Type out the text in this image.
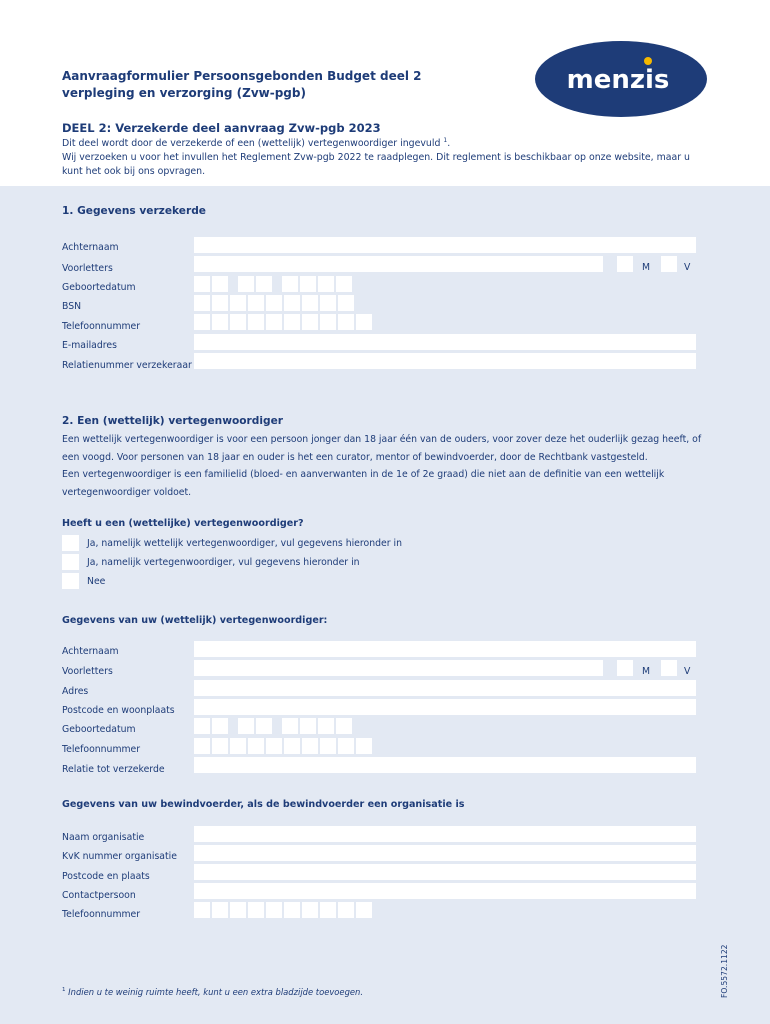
Aanvraagformulier Persoonsgebonden Budget deel 2
verpleging en verzorging (Zvw-pgb)	menzis
DEEL 2: Verzekerde deel aanvraag Zvw-pgb 2023
Dit deel wordt door de verzekerde of een (wettelijk) vertegenwoordiger ingevuld $^1$.
Wij verzoeken u voor het invullen het Reglement Zvw-pgb 2022 te raadplegen. Dit reglement is beschikbaar op onze website, maar u kunt het ook bij ons opvragen.
1. Gegevens verzekerde
Achternaam
Voorletters	M	V
Geboortedatum
BSN
Telefoonnummer
E-mailadres
Relatienummer verzekeraar
2. Een (wettelijk) vertegenwoordiger
Een wettelijk vertegenwoordiger is voor een persoon jonger dan 18 jaar één van de ouders, voor zover deze het ouderlijk gezag heeft, of een voogd. Voor personen van 18 jaar en ouder is het een curator, mentor of bewindvoerder, door de Rechtbank vastgesteld.
Een vertegenwoordiger is een familielid (bloed- en aanverwanten in de 1e of 2e graad) die niet aan de definitie van een wettelijk vertegenwoordiger voldoet.
Heeft u een (wettelijke) vertegenwoordiger?
Ja, namelijk wettelijk vertegenwoordiger, vul gegevens hieronder in
Ja, namelijk vertegenwoordiger, vul gegevens hieronder in
Nee
Gegevens van uw (wettelijk) vertegenwoordiger:
Achternaam
Voorletters	M	V
Adres
Postcode en woonplaats
Geboortedatum
Telefoonnummer
Relatie tot verzekerde
Gegevens van uw bewindvoerder, als de bewindvoerder een organisatie is
Naam organisatie
KvK nummer organisatie
Postcode en plaats
Contactpersoon
Telefoonnummer
$^1$ Indien u te weinig ruimte heeft, kunt u een extra bladzijde toevoegen.	FO.5572.1122
